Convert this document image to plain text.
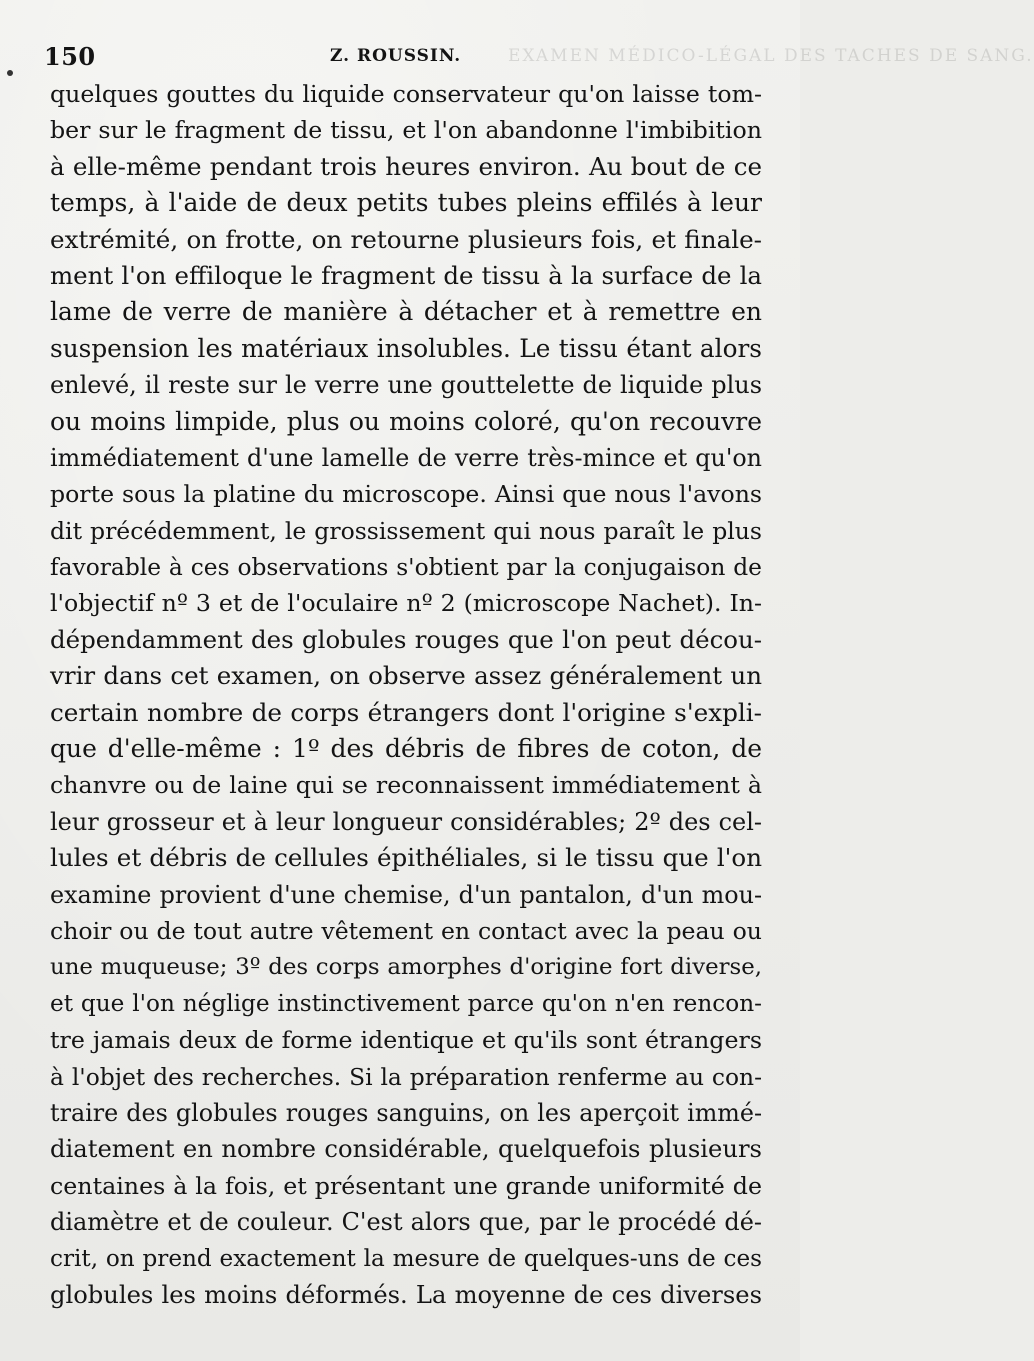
150	Z. ROUSSIN.	EXAMEN MÉDICO-LÉGAL DES TACHES DE SANG.
quelques gouttes du liquide conservateur qu'on laisse tom-
ber sur le fragment de tissu, et l'on abandonne l'imbibition
à elle-même pendant trois heures environ. Au bout de ce
temps, à l'aide de deux petits tubes pleins effilés à leur
extrémité, on frotte, on retourne plusieurs fois, et finale-
ment l'on effiloque le fragment de tissu à la surface de la
lame de verre de manière à détacher et à remettre en
suspension les matériaux insolubles. Le tissu étant alors
enlevé, il reste sur le verre une gouttelette de liquide plus
ou moins limpide, plus ou moins coloré, qu'on recouvre
immédiatement d'une lamelle de verre très-mince et qu'on
porte sous la platine du microscope. Ainsi que nous l'avons
dit précédemment, le grossissement qui nous paraît le plus
favorable à ces observations s'obtient par la conjugaison de
l'objectif nº 3 et de l'oculaire nº 2 (microscope Nachet). In-
dépendamment des globules rouges que l'on peut décou-
vrir dans cet examen, on observe assez généralement un
certain nombre de corps étrangers dont l'origine s'expli-
que d'elle-même : 1º des débris de fibres de coton, de
chanvre ou de laine qui se reconnaissent immédiatement à
leur grosseur et à leur longueur considérables; 2º des cel-
lules et débris de cellules épithéliales, si le tissu que l'on
examine provient d'une chemise, d'un pantalon, d'un mou-
choir ou de tout autre vêtement en contact avec la peau ou
une muqueuse; 3º des corps amorphes d'origine fort diverse,
et que l'on néglige instinctivement parce qu'on n'en rencon-
tre jamais deux de forme identique et qu'ils sont étrangers
à l'objet des recherches. Si la préparation renferme au con-
traire des globules rouges sanguins, on les aperçoit immé-
diatement en nombre considérable, quelquefois plusieurs
centaines à la fois, et présentant une grande uniformité de
diamètre et de couleur. C'est alors que, par le procédé dé-
crit, on prend exactement la mesure de quelques-uns de ces
globules les moins déformés. La moyenne de ces diverses
